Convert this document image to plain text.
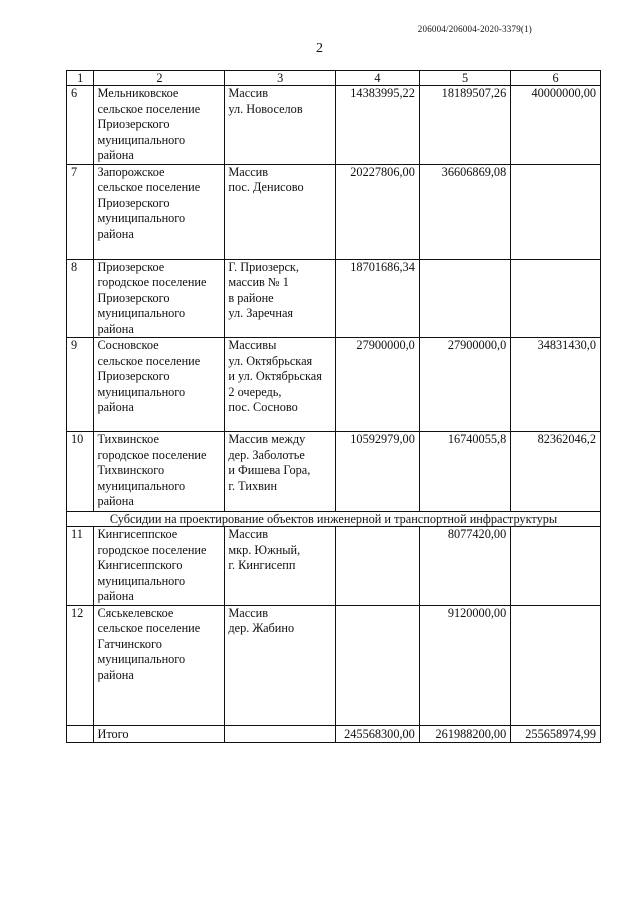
206004/206004-2020-3379(1)
2
1	2	3	4	5	6
6	Мельниковское
сельское поселение
Приозерского
муниципального
района	Массив
ул. Новоселов	14383995,22	18189507,26	40000000,00
7	Запорожское
сельское поселение
Приозерского
муниципального
района	Массив
пос. Денисово	20227806,00	36606869,08	
8	Приозерское
городское поселение
Приозерского
муниципального
района	Г. Приозерск,
массив № 1
в районе
ул. Заречная	18701686,34		
9	Сосновское
сельское поселение
Приозерского
муниципального
района	Массивы
ул. Октябрьская
и ул. Октябрьская
2 очередь,
пос. Сосново	27900000,0	27900000,0	34831430,0
10	Тихвинское
городское поселение
Тихвинского
муниципального
района	Массив между
дер. Заболотье
и Фишева Гора,
г. Тихвин	10592979,00	16740055,8	82362046,2
Субсидии на проектирование объектов инженерной и транспортной инфраструктуры					
11	Кингисеппское
городское поселение
Кингисеппского
муниципального
района	Массив
мкр. Южный,
г. Кингисепп		8077420,00	
12	Сяськелевское
сельское поселение
Гатчинского
муниципального
района	Массив
дер. Жабино		9120000,00	
	Итого		245568300,00	261988200,00	255658974,99
